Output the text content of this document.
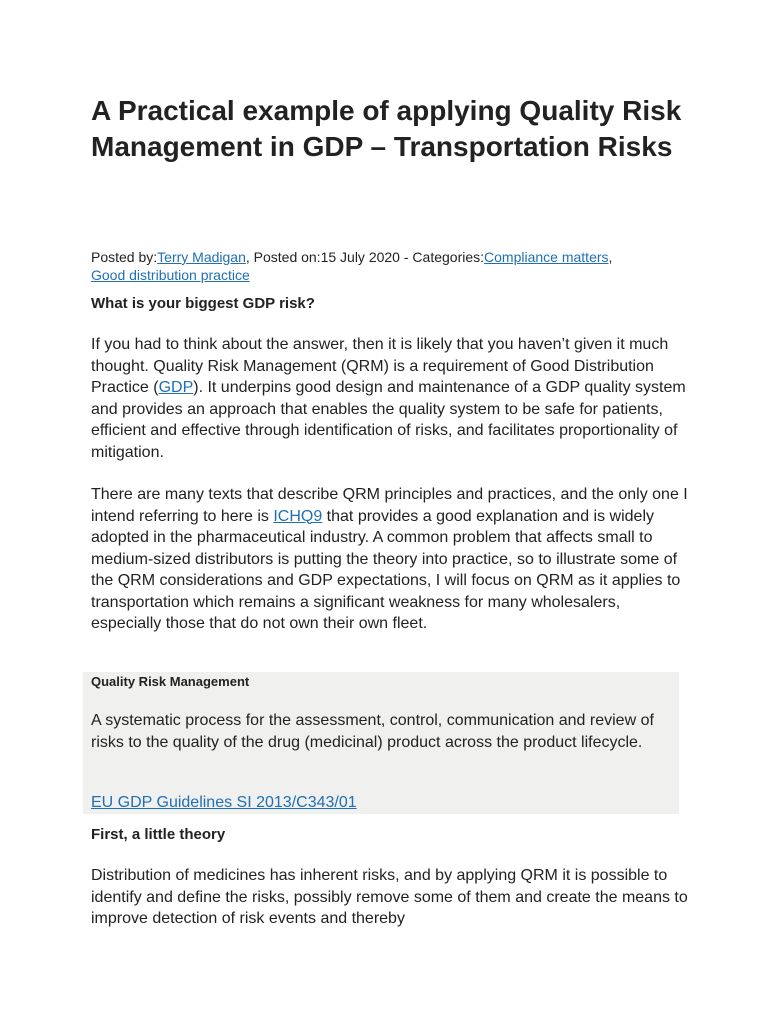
A Practical example of applying Quality Risk Management in GDP – Transportation Risks
Posted by:Terry Madigan, Posted on:15 July 2020 - Categories:Compliance matters, Good distribution practice
What is your biggest GDP risk?

If you had to think about the answer, then it is likely that you haven’t given it much thought. Quality Risk Management (QRM) is a requirement of Good Distribution Practice (GDP). It underpins good design and maintenance of a GDP quality system and provides an approach that enables the quality system to be safe for patients, efficient and effective through identification of risks, and facilitates proportionality of mitigation.

There are many texts that describe QRM principles and practices, and the only one I intend referring to here is ICHQ9 that provides a good explanation and is widely adopted in the pharmaceutical industry. A common problem that affects small to medium-sized distributors is putting the theory into practice, so to illustrate some of the QRM considerations and GDP expectations, I will focus on QRM as it applies to transportation which remains a significant weakness for many wholesalers, especially those that do not own their own fleet.

Quality Risk Management

A systematic process for the assessment, control, communication and review of risks to the quality of the drug (medicinal) product across the product lifecycle.

EU GDP Guidelines SI 2013/C343/01

First, a little theory

Distribution of medicines has inherent risks, and by applying QRM it is possible to identify and define the risks, possibly remove some of them and create the means to improve detection of risk events and thereby
